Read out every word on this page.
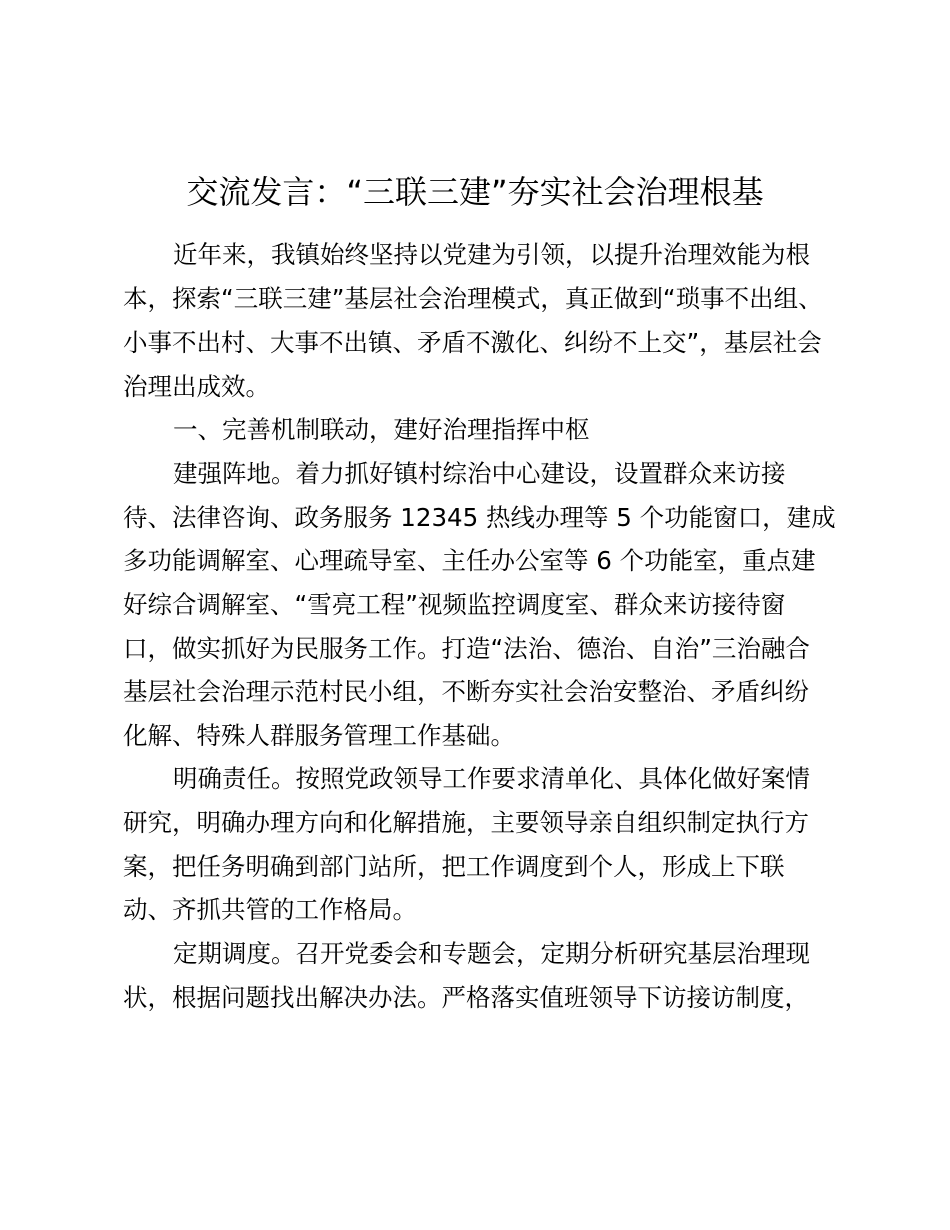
交流发言：“三联三建”夯实社会治理根基
近年来，我镇始终坚持以党建为引领，以提升治理效能为根
本，探索“三联三建”基层社会治理模式，真正做到“琐事不出组、
小事不出村、大事不出镇、矛盾不激化、纠纷不上交”，基层社会
治理出成效。
一、完善机制联动，建好治理指挥中枢
建强阵地。着力抓好镇村综治中心建设，设置群众来访接
待、法律咨询、政务服务 12345 热线办理等 5 个功能窗口，建成
多功能调解室、心理疏导室、主任办公室等 6 个功能室，重点建
好综合调解室、“雪亮工程”视频监控调度室、群众来访接待窗
口，做实抓好为民服务工作。打造“法治、德治、自治”三治融合
基层社会治理示范村民小组，不断夯实社会治安整治、矛盾纠纷
化解、特殊人群服务管理工作基础。
明确责任。按照党政领导工作要求清单化、具体化做好案情
研究，明确办理方向和化解措施，主要领导亲自组织制定执行方
案，把任务明确到部门站所，把工作调度到个人，形成上下联
动、齐抓共管的工作格局。
定期调度。召开党委会和专题会，定期分析研究基层治理现
状，根据问题找出解决办法。严格落实值班领导下访接访制度，
